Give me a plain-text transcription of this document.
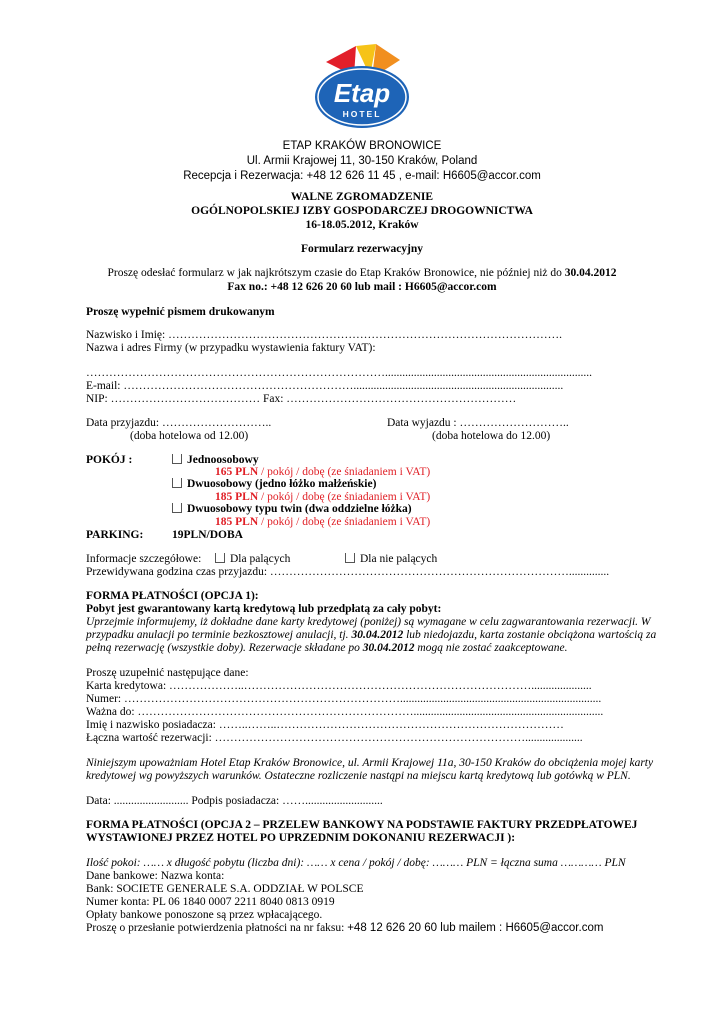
Etap
HOTEL
ETAP KRAKÓW BRONOWICE
Ul. Armii Krajowej 11, 30-150 Kraków, Poland
Recepcja i Rezerwacja: +48 12 626 11 45 , e-mail: H6605@accor.com
WALNE ZGROMADZENIE
OGÓLNOPOLSKIEJ IZBY GOSPODARCZEJ DROGOWNICTWA
16-18.05.2012, Kraków
Formularz rezerwacyjny
Proszę odesłać formularz w jak najkrótszym czasie do Etap Kraków Bronowice, nie później niż do 30.04.2012
Fax no.: +48 12 626 20 60 lub mail : H6605@accor.com
Proszę wypełnić pismem drukowanym
Nazwisko i Imię: ………………………………………………………………………………………….
Nazwa i adres Firmy (w przypadku wystawienia faktury VAT):
……………………………………………………………………........................................................................
E-mail: …………………………………………………….........................................................................
NIP: ………………………………… Fax: ……………………………………………………
Data przyjazdu: ………………………..
(doba hotelowa od 12.00)
Data wyjazdu : ………………………..
(doba hotelowa do 12.00)
POKÓJ :	Jednoosobowy
165 PLN / pokój / dobę (ze śniadaniem i VAT)
Dwuosobowy (jedno łóżko małżeńskie)
185 PLN / pokój / dobę (ze śniadaniem i VAT)
Dwuosobowy typu twin (dwa oddzielne łóżka)
185 PLN / pokój / dobę (ze śniadaniem i VAT)
PARKING: 19PLN/DOBA
Informacje szczegółowe:	Dla palących	Dla nie palących
Przewidywana godzina czas przyjazdu: ……………………………………………………………………..............
FORMA PŁATNOŚCI (OPCJA 1):
Pobyt jest gwarantowany kartą kredytową lub przedpłatą za cały pobyt:
Uprzejmie informujemy, iż dokładne dane karty kredytowej (poniżej) są wymagane w celu zagwarantowania rezerwacji. W
przypadku anulacji po terminie bezkosztowej anulacji, tj. 30.04.2012 lub niedojazdu, karta zostanie obciążona wartością za
pełną rezerwację (wszystkie doby). Rezerwacje składane po 30.04.2012 mogą nie zostać zaakceptowane.
Proszę uzupełnić następujące dane:
Karta kredytowa: ………………..………………………………………………………………….....................
Numer: ………………………………………………………………......................................................................
Ważna do: ………………………………………………………………..................................................................
Imię i nazwisko posiadacza: ……..……..…………………………………………………………………
Łączna wartość rezerwacji: ………………………………………………………………………....................
Niniejszym upoważniam Hotel Etap Kraków Bronowice, ul. Armii Krajowej 11a, 30-150 Kraków do obciążenia mojej karty
kredytowej wg powyższych warunków. Ostateczne rozliczenie nastąpi na miejscu kartą kredytową lub gotówką w PLN.
Data: .......................... Podpis posiadacza: ……...........................
FORMA PŁATNOŚCI (OPCJA 2 – PRZELEW BANKOWY NA PODSTAWIE FAKTURY PRZEDPŁATOWEJ
WYSTAWIONEJ PRZEZ HOTEL PO UPRZEDNIM DOKONANIU REZERWACJI ):
Ilość pokoi: …… x długość pobytu (liczba dni): …… x cena / pokój / dobę: ……… PLN = łączna suma ………… PLN
Dane bankowe: Nazwa konta:
Bank: SOCIETE GENERALE S.A. ODDZIAŁ W POLSCE
Numer konta: PL 06 1840 0007 2211 8040 0813 0919
Opłaty bankowe ponoszone są przez wpłacającego.
Proszę o przesłanie potwierdzenia płatności na nr faksu: +48 12 626 20 60 lub mailem : H6605@accor.com
